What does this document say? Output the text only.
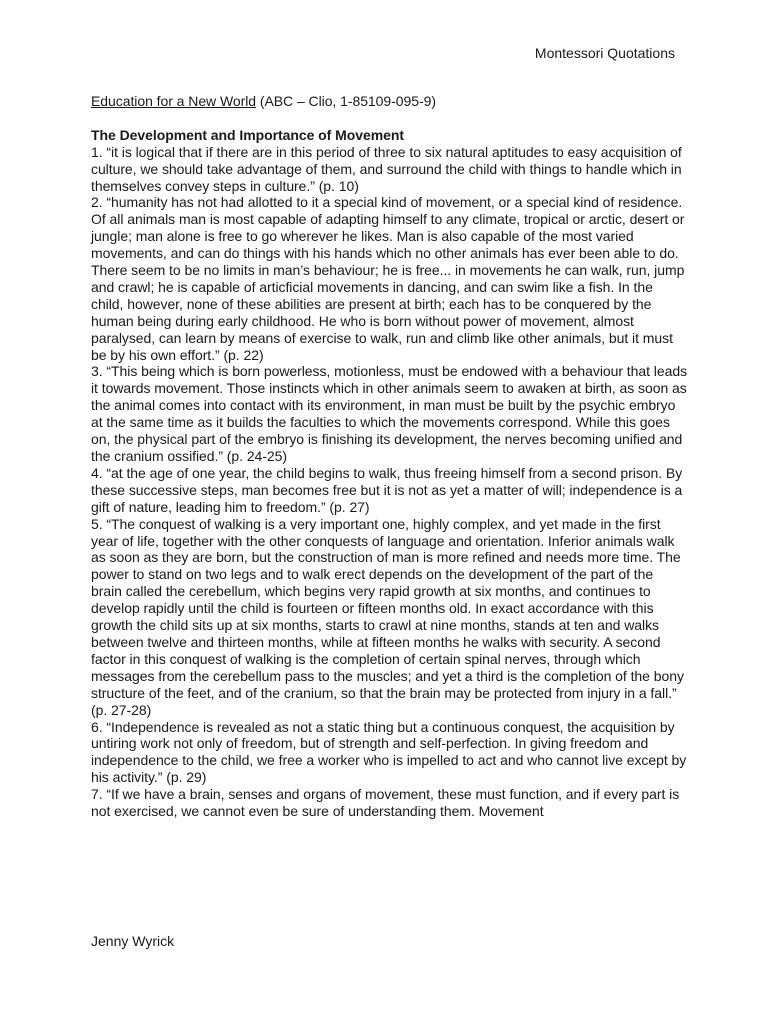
Montessori Quotations

Education for a New World (ABC – Clio, 1-85109-095-9)

The Development and Importance of Movement

1. “it is logical that if there are in this period of three to six natural aptitudes to easy acquisition of culture, we should take advantage of them, and surround the child with things to handle which in themselves convey steps in culture.” (p. 10)
2. “humanity has not had allotted to it a special kind of movement, or a special kind of residence. Of all animals man is most capable of adapting himself to any climate, tropical or arctic, desert or jungle; man alone is free to go wherever he likes. Man is also capable of the most varied movements, and can do things with his hands which no other animals has ever been able to do. There seem to be no limits in man’s behaviour; he is free... in movements he can walk, run, jump and crawl; he is capable of articficial movements in dancing, and can swim like a fish. In the child, however, none of these abilities are present at birth; each has to be conquered by the human being during early childhood. He who is born without power of movement, almost paralysed, can learn by means of exercise to walk, run and climb like other animals, but it must be by his own effort.” (p. 22)
3. “This being which is born powerless, motionless, must be endowed with a behaviour that leads it towards movement. Those instincts which in other animals seem to awaken at birth, as soon as the animal comes into contact with its environment, in man must be built by the psychic embryo at the same time as it builds the faculties to which the movements correspond. While this goes on, the physical part of the embryo is finishing its development, the nerves becoming unified and the cranium ossified.” (p. 24-25)
4. “at the age of one year, the child begins to walk, thus freeing himself from a second prison. By these successive steps, man becomes free but it is not as yet a matter of will; independence is a gift of nature, leading him to freedom.” (p. 27)
5. “The conquest of walking is a very important one, highly complex, and yet made in the first year of life, together with the other conquests of language and orientation. Inferior animals walk as soon as they are born, but the construction of man is more refined and needs more time. The power to stand on two legs and to walk erect depends on the development of the part of the brain called the cerebellum, which begins very rapid growth at six months, and continues to develop rapidly until the child is fourteen or fifteen months old. In exact accordance with this growth the child sits up at six months, starts to crawl at nine months, stands at ten and walks between twelve and thirteen months, while at fifteen months he walks with security. A second factor in this conquest of walking is the completion of certain spinal nerves, through which messages from the cerebellum pass to the muscles; and yet a third is the completion of the bony structure of the feet, and of the cranium, so that the brain may be protected from injury in a fall.” (p. 27-28)
6. “Independence is revealed as not a static thing but a continuous conquest, the acquisition by untiring work not only of freedom, but of strength and self-perfection. In giving freedom and independence to the child, we free a worker who is impelled to act and who cannot live except by his activity.” (p. 29)
7. “If we have a brain, senses and organs of movement, these must function, and if every part is not exercised, we cannot even be sure of understanding them. Movement
Jenny Wyrick
